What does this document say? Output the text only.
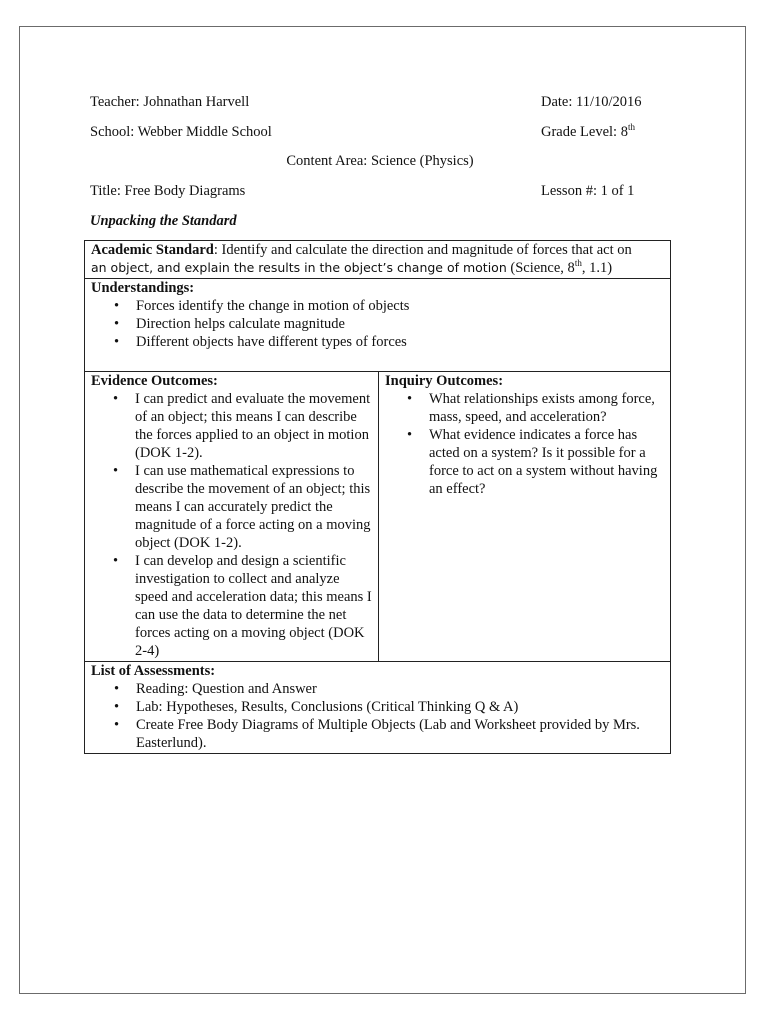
Teacher: Johnathan Harvell	Date: 11/10/2016
School: Webber Middle School	Grade Level: 8th
Content Area: Science (Physics)
Title: Free Body Diagrams	Lesson #: 1 of 1
Unpacking the Standard
Academic Standard: Identify and calculate the direction and magnitude of forces that act on
an object, and explain the results in the object’s change of motion (Science, 8th, 1.1)

Understandings:
• Forces identify the change in motion of objects
• Direction helps calculate magnitude
• Different objects have different types of forces

Evidence Outcomes:
• I can predict and evaluate the movement of an object; this means I can describe the forces applied to an object in motion (DOK 1-2).
• I can use mathematical expressions to describe the movement of an object; this means I can accurately predict the magnitude of a force acting on a moving object (DOK 1-2).
• I can develop and design a scientific investigation to collect and analyze speed and acceleration data; this means I can use the data to determine the net forces acting on a moving object (DOK 2-4)

Inquiry Outcomes:
• What relationships exists among force, mass, speed, and acceleration?
• What evidence indicates a force has acted on a system? Is it possible for a force to act on a system without having an effect?

List of Assessments:
• Reading: Question and Answer
• Lab: Hypotheses, Results, Conclusions (Critical Thinking Q & A)
• Create Free Body Diagrams of Multiple Objects (Lab and Worksheet provided by Mrs. Easterlund).
